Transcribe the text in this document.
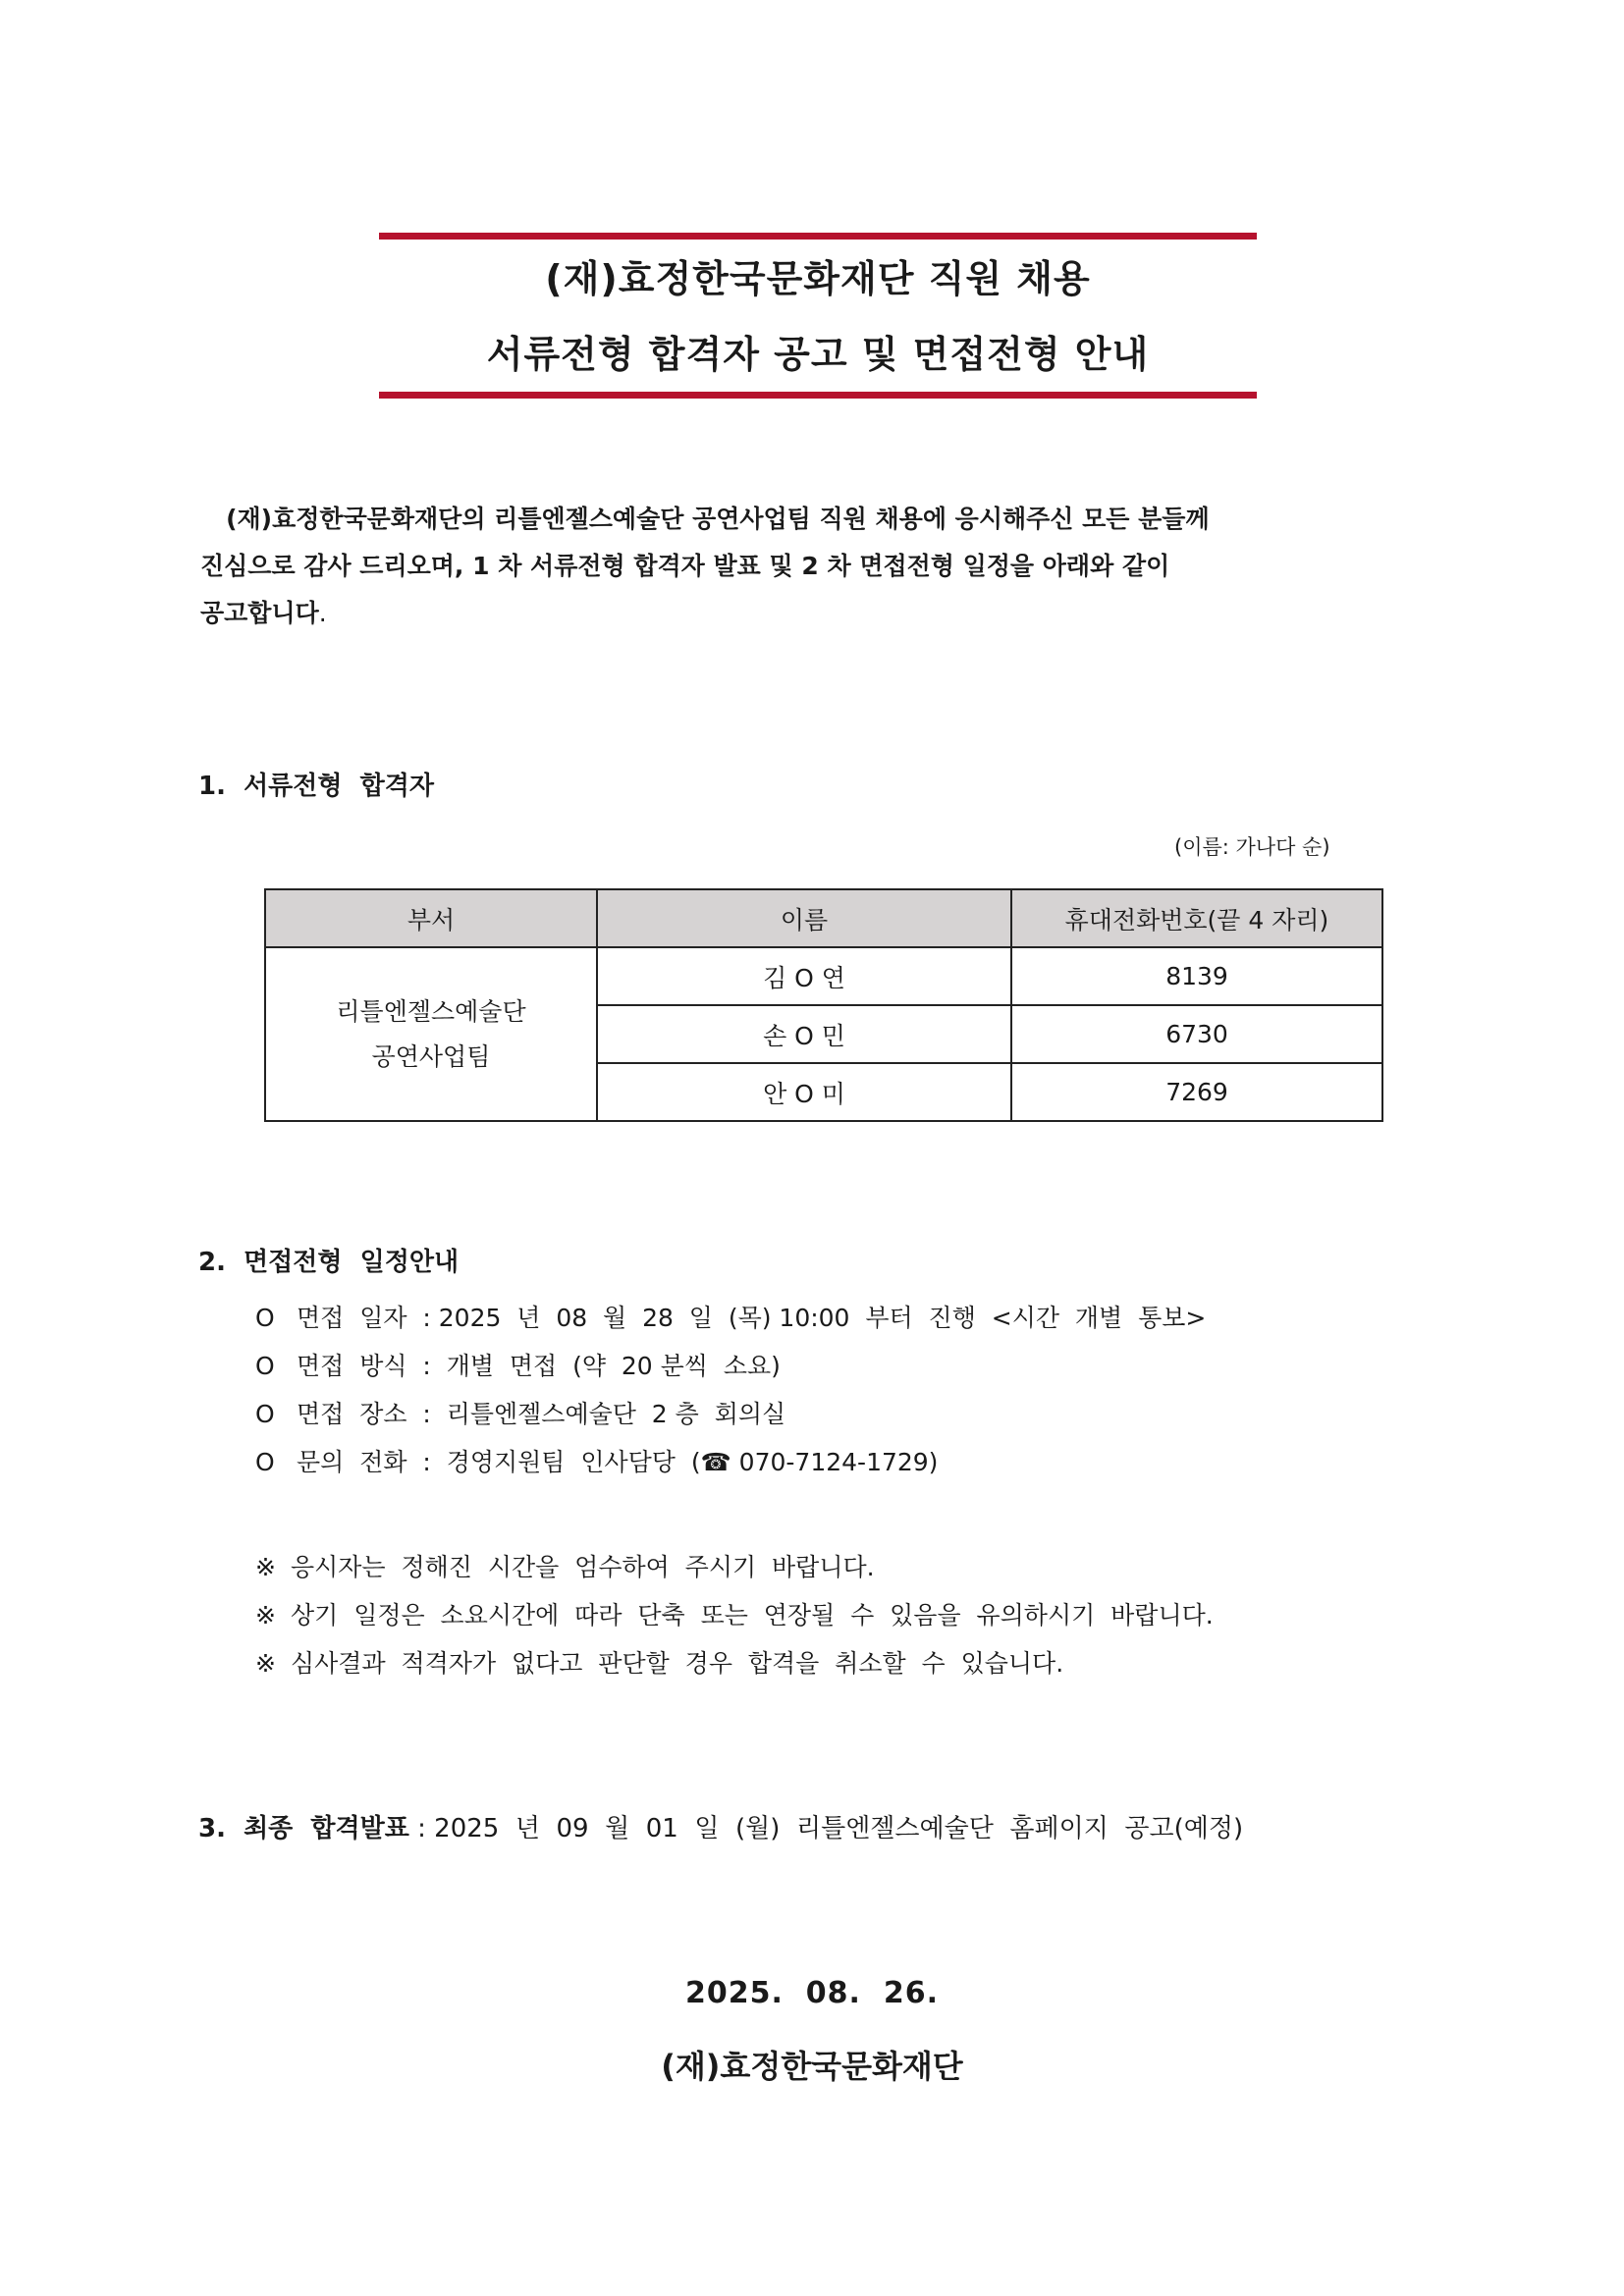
(재)효정한국문화재단 직원 채용
서류전형 합격자 공고 및 면접전형 안내
(재)효정한국문화재단의 리틀엔젤스예술단 공연사업팀 직원 채용에 응시해주신 모든 분들께
진심으로 감사 드리오며, 1 차 서류전형 합격자 발표 및 2 차 면접전형 일정을 아래와 같이
공고합니다.
1.  서류전형  합격자
(이름: 가나다 순)
부서	이름	휴대전화번호(끝 4 자리)

리틀엔젤스예술단
공연사업팀	김 O 연	8139
	손 O 민	6730
	안 O 미	7269
2.  면접전형  일정안내
O 면접  일자  : 2025  년  08  월  28  일  (목) 10:00  부터  진행  <시간  개별  통보>
O 면접  방식  :  개별  면접  (약  20 분씩  소요)
O 면접  장소  :  리틀엔젤스예술단  2 층  회의실
O 문의  전화  :  경영지원팀  인사담당  (☎ 070-7124-1729)
※ 응시자는  정해진  시간을  엄수하여  주시기  바랍니다.
※ 상기  일정은  소요시간에  따라  단축  또는  연장될  수  있음을  유의하시기  바랍니다.
※ 심사결과  적격자가  없다고  판단할  경우  합격을  취소할  수  있습니다.
3.  최종  합격발표 : 2025  년  09  월  01  일  (월)  리틀엔젤스예술단  홈페이지  공고(예정)
2025.  08.  26.
(재)효정한국문화재단
